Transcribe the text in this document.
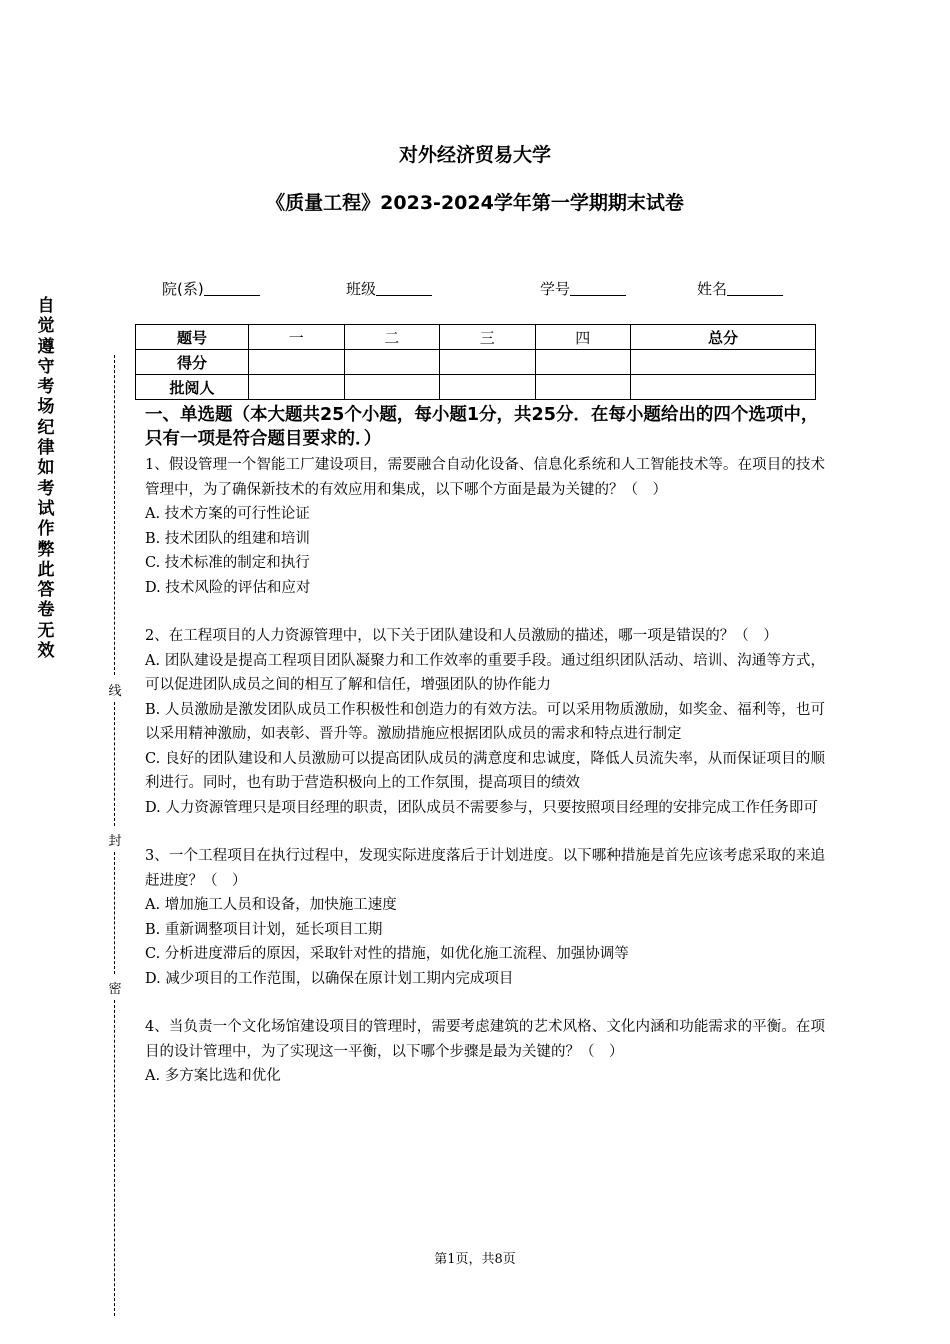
对外经济贸易大学
《质量工程》2023-2024学年第一学期期末试卷
院(系)	班级	学号	姓名
题号	一	二	三	四	总分
得分					
批阅人					
自觉遵守考场纪律如考试作弊此答卷无效
线
封
密
一、单选题（本大题共25个小题，每小题1分，共25分．在每小题给出的四个选项中，只有一项是符合题目要求的．）

1、假设管理一个智能工厂建设项目，需要融合自动化设备、信息化系统和人工智能技术等。在项目的技术管理中，为了确保新技术的有效应用和集成，以下哪个方面是最为关键的？（　）

A. 技术方案的可行性论证

B. 技术团队的组建和培训

C. 技术标准的制定和执行

D. 技术风险的评估和应对

2、在工程项目的人力资源管理中，以下关于团队建设和人员激励的描述，哪一项是错误的？（　）

A. 团队建设是提高工程项目团队凝聚力和工作效率的重要手段。通过组织团队活动、培训、沟通等方式，可以促进团队成员之间的相互了解和信任，增强团队的协作能力

B. 人员激励是激发团队成员工作积极性和创造力的有效方法。可以采用物质激励，如奖金、福利等，也可以采用精神激励，如表彰、晋升等。激励措施应根据团队成员的需求和特点进行制定

C. 良好的团队建设和人员激励可以提高团队成员的满意度和忠诚度，降低人员流失率，从而保证项目的顺利进行。同时，也有助于营造积极向上的工作氛围，提高项目的绩效

D. 人力资源管理只是项目经理的职责，团队成员不需要参与，只要按照项目经理的安排完成工作任务即可

3、一个工程项目在执行过程中，发现实际进度落后于计划进度。以下哪种措施是首先应该考虑采取的来追赶进度？（　）

A. 增加施工人员和设备，加快施工速度

B. 重新调整项目计划，延长项目工期

C. 分析进度滞后的原因，采取针对性的措施，如优化施工流程、加强协调等

D. 减少项目的工作范围，以确保在原计划工期内完成项目

4、当负责一个文化场馆建设项目的管理时，需要考虑建筑的艺术风格、文化内涵和功能需求的平衡。在项目的设计管理中，为了实现这一平衡，以下哪个步骤是最为关键的？（　）

A. 多方案比选和优化

第1页，共8页
